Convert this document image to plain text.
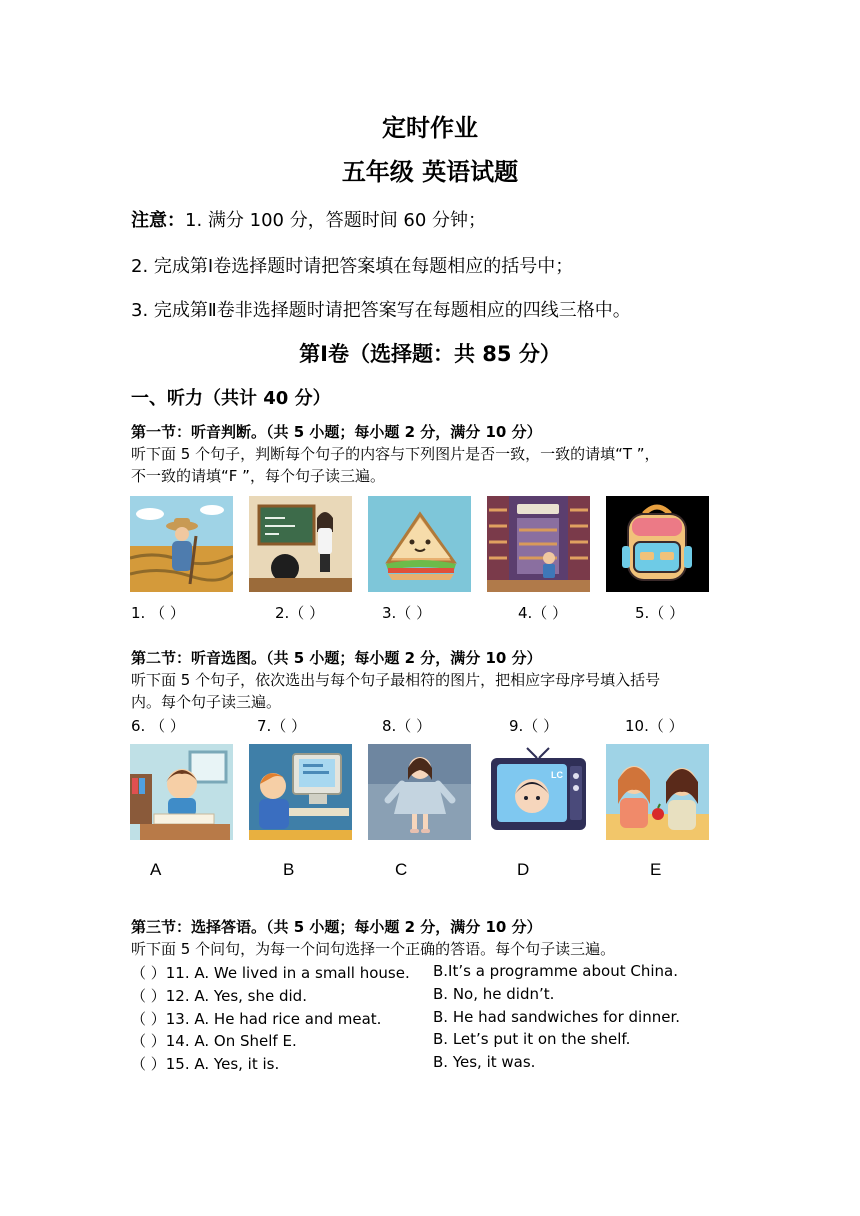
定时作业
五年级 英语试题
注意：1. 满分 100 分，答题时间 60 分钟；
2. 完成第Ⅰ卷选择题时请把答案填在每题相应的括号中；
3. 完成第Ⅱ卷非选择题时请把答案写在每题相应的四线三格中。
第Ⅰ卷（选择题：共 85 分）
一、听力（共计 40 分）
第一节：听音判断。（共 5 小题；每小题 2 分，满分 10 分）
听下面 5 个句子，判断每个句子的内容与下列图片是否一致，一致的请填“T ”，
不一致的请填“F ”，每个句子读三遍。
1. （ ）	2.（ ）	3.（ ）	4.（ ）	5.（ ）
第二节：听音选图。（共 5 小题；每小题 2 分，满分 10 分）
听下面 5 个句子，依次选出与每个句子最相符的图片，把相应字母序号填入括号
内。每个句子读三遍。
6. （ ）	7.（ ）	8.（ ）	9.（ ）	10.（ ）
LC
A	B	C	D	E
第三节：选择答语。（共 5 小题；每小题 2 分，满分 10 分）
听下面 5 个问句，为每一个问句选择一个正确的答语。每个句子读三遍。
（ ）11. A. We lived in a small house. B.It’s a programme about China.
（ ）12. A. Yes, she did.	B. No, he didn’t.
（ ）13. A. He had rice and meat.	B. He had sandwiches for dinner.
（ ）14. A. On Shelf E.	B. Let’s put it on the shelf.
（ ）15. A. Yes, it is.	B. Yes, it was.
